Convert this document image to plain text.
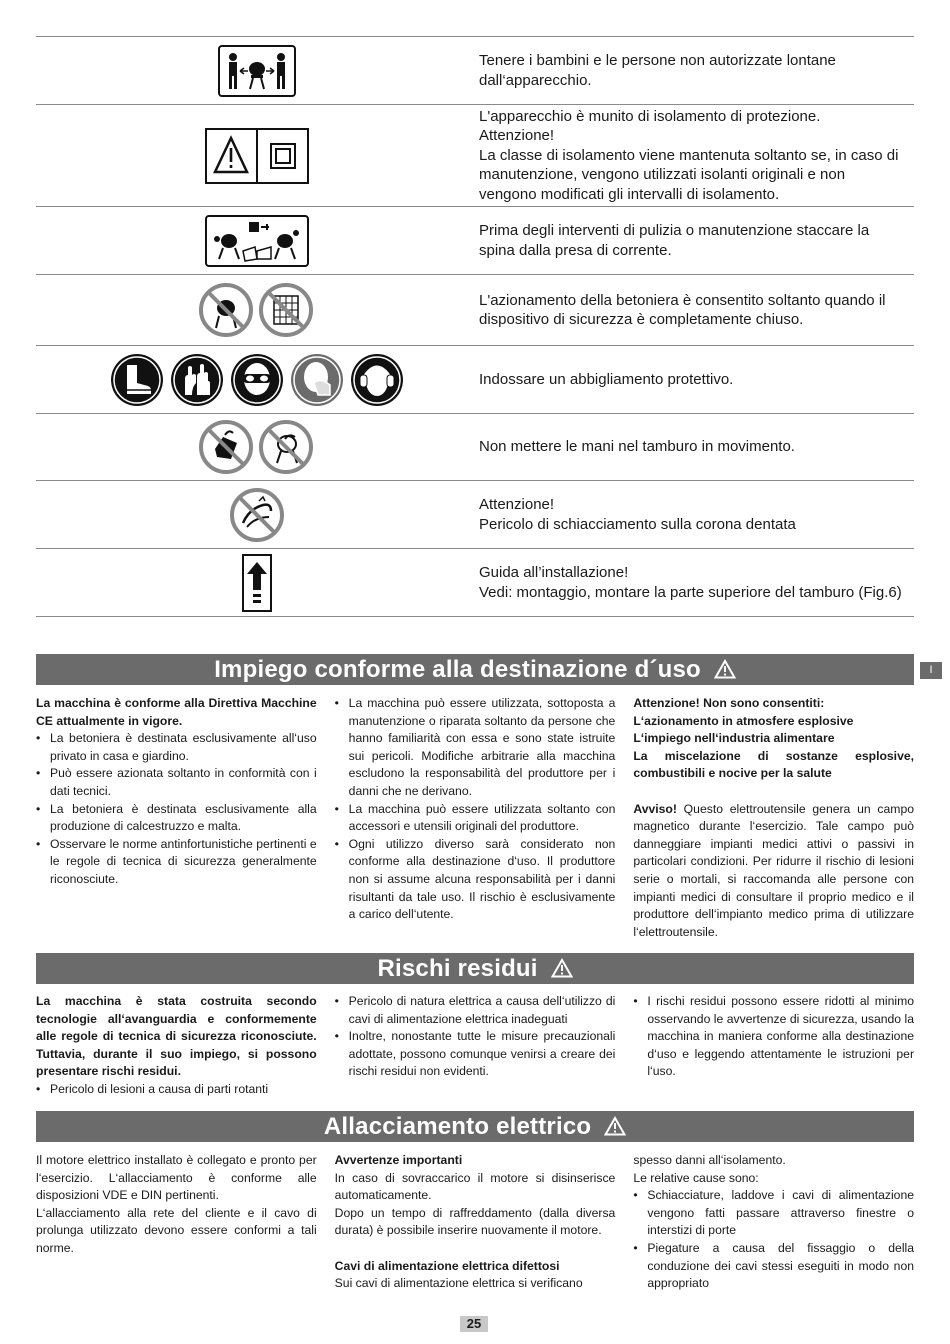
Tenere i bambini e le persone non autorizzate lontane dall‘apparecchio.
L'apparecchio è munito di isolamento di protezione.
Attenzione!
La classe di isolamento viene mantenuta soltanto se, in caso di manutenzione, vengono utilizzati isolanti originali e non vengono modificati gli intervalli di isolamento.
Prima degli interventi di pulizia o manutenzione staccare la spina dalla presa di corrente.
L'azionamento della betoniera è consentito soltanto quando il dispositivo di sicurezza è completamente chiuso.
Indossare un abbigliamento protettivo.
Non mettere le mani nel tamburo in movimento.
Attenzione!
Pericolo di schiacciamento sulla corona dentata
Guida all’installazione!
Vedi: montaggio, montare la parte superiore del tamburo (Fig.6)
Impiego conforme alla destinazione d´uso	I

La macchina è conforme alla Direttiva Macchine CE attualmente in vigore.

• La betoniera è destinata esclusivamente all‘uso privato in casa e giardino.
• Può essere azionata soltanto in conformità con i dati tecnici.
• La betoniera è destinata esclusivamente alla produzione di calcestruzzo e malta.
• Osservare le norme antinfortunistiche pertinenti e le regole di tecnica di sicurezza generalmente riconosciute.
• La macchina può essere utilizzata, sottoposta a manutenzione o riparata soltanto da persone che hanno familiarità con essa e sono state istruite sui pericoli. Modifiche arbitrarie alla macchina escludono la responsabilità del produttore per i danni che ne derivano.
• La macchina può essere utilizzata soltanto con accessori e utensili originali del produttore.
• Ogni utilizzo diverso sarà considerato non conforme alla destinazione d‘uso. Il produttore non si assume alcuna responsabilità per i danni risultanti da tale uso. Il rischio è esclusivamente a carico dell‘utente.

Attenzione! Non sono consentiti:

L‘azionamento in atmosfere esplosive

L‘impiego nell‘industria alimentare

La miscelazione di sostanze esplosive, combustibili e nocive per la salute

Avviso! Questo elettroutensile genera un campo magnetico durante l‘esercizio. Tale campo può danneggiare impianti medici attivi o passivi in particolari condizioni. Per ridurre il rischio di lesioni serie o mortali, si raccomanda alle persone con impianti medici di consultare il proprio medico e il produttore dell‘impianto medico prima di utilizzare l‘elettroutensile.

Rischi residui

La macchina è stata costruita secondo tecnologie all‘avanguardia e conformemente alle regole di tecnica di sicurezza riconosciute. Tuttavia, durante il suo impiego, si possono presentare rischi residui.

• Pericolo di lesioni a causa di parti rotanti
• Pericolo di natura elettrica a causa dell‘utilizzo di cavi di alimentazione elettrica inadeguati
• Inoltre, nonostante tutte le misure precauzionali adottate, possono comunque venirsi a creare dei rischi residui non evidenti.
• I rischi residui possono essere ridotti al minimo osservando le avvertenze di sicurezza, usando la macchina in maniera conforme alla destinazione d‘uso e leggendo attentamente le istruzioni per l‘uso.
Allacciamento elettrico

Il motore elettrico installato è collegato e pronto per l‘esercizio. L‘allacciamento è conforme alle disposizioni VDE e DIN pertinenti.

L‘allacciamento alla rete del cliente e il cavo di prolunga utilizzato devono essere conformi a tali norme.

Avvertenze importanti

In caso di sovraccarico il motore si disinserisce automaticamente.

Dopo un tempo di raffreddamento (dalla diversa durata) è possibile inserire nuovamente il motore.

Cavi di alimentazione elettrica difettosi

Sui cavi di alimentazione elettrica si verificano

spesso danni all‘isolamento.

Le relative cause sono:

• Schiacciature, laddove i cavi di alimentazione vengono fatti passare attraverso finestre o interstizi di porte
• Piegature a causa del fissaggio o della conduzione dei cavi stessi eseguiti in modo non appropriato
25
